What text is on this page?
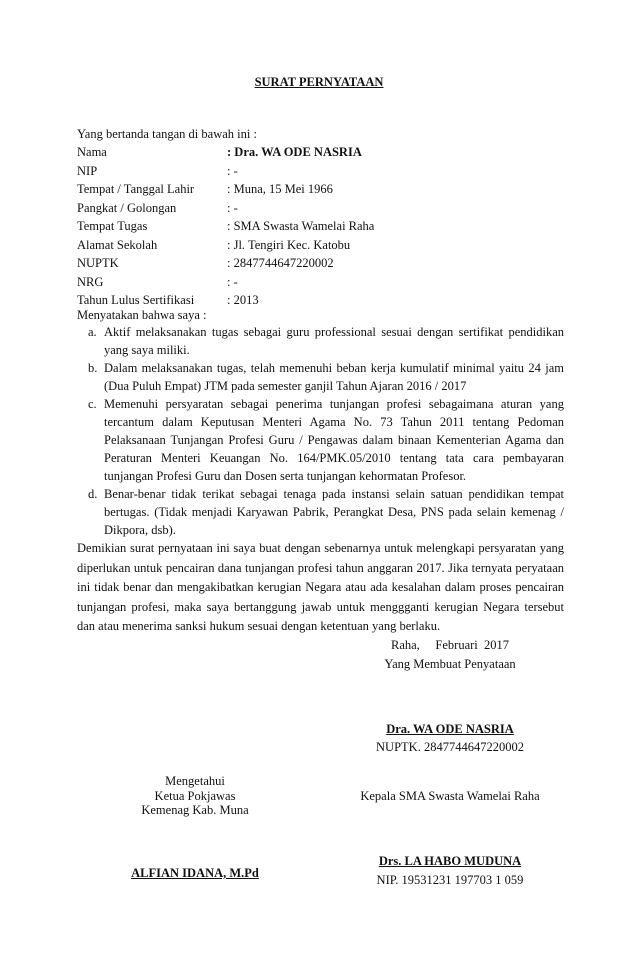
SURAT PERNYATAAN
Yang bertanda tangan di bawah ini :
Nama	: Dra. WA ODE NASRIA
NIP	: -
Tempat / Tanggal Lahir	: Muna, 15 Mei 1966
Pangkat / Golongan	: -
Tempat Tugas	: SMA Swasta Wamelai Raha
Alamat Sekolah	: Jl. Tengiri Kec. Katobu
NUPTK	: 2847744647220002
NRG	: -
Tahun Lulus Sertifikasi	: 2013
Menyatakan bahwa saya :
a. Aktif melaksanakan tugas sebagai guru professional sesuai dengan sertifikat pendidikan yang saya miliki.
b. Dalam melaksanakan tugas, telah memenuhi beban kerja kumulatif minimal yaitu 24 jam (Dua Puluh Empat) JTM pada semester ganjil Tahun Ajaran 2016 / 2017
c. Memenuhi persyaratan sebagai penerima tunjangan profesi sebagaimana aturan yang tercantum dalam Keputusan Menteri Agama No. 73 Tahun 2011 tentang Pedoman Pelaksanaan Tunjangan Profesi Guru / Pengawas dalam binaan Kementerian Agama dan Peraturan Menteri Keuangan No. 164/PMK.05/2010 tentang tata cara pembayaran tunjangan Profesi Guru dan Dosen serta tunjangan kehormatan Profesor.
d. Benar-benar tidak terikat sebagai tenaga pada instansi selain satuan pendidikan tempat bertugas. (Tidak menjadi Karyawan Pabrik, Perangkat Desa, PNS pada selain kemenag / Dikpora, dsb).
Demikian surat pernyataan ini saya buat dengan sebenarnya untuk melengkapi persyaratan yang diperlukan untuk pencairan dana tunjangan profesi tahun anggaran 2017. Jika ternyata peryataan ini tidak benar dan mengakibatkan kerugian Negara atau ada kesalahan dalam proses pencairan tunjangan profesi, maka saya bertanggung jawab untuk menggganti kerugian Negara tersebut dan atau menerima sanksi hukum sesuai dengan ketentuan yang berlaku.
Raha,     Februari  2017
Yang Membuat Penyataan
Dra. WA ODE NASRIA
NUPTK. 2847744647220002
Mengetahui
Ketua Pokjawas
Kemenag Kab. Muna
Kepala SMA Swasta Wamelai Raha
ALFIAN IDANA, M.Pd
Drs. LA HABO MUDUNA
NIP. 19531231 197703 1 059
